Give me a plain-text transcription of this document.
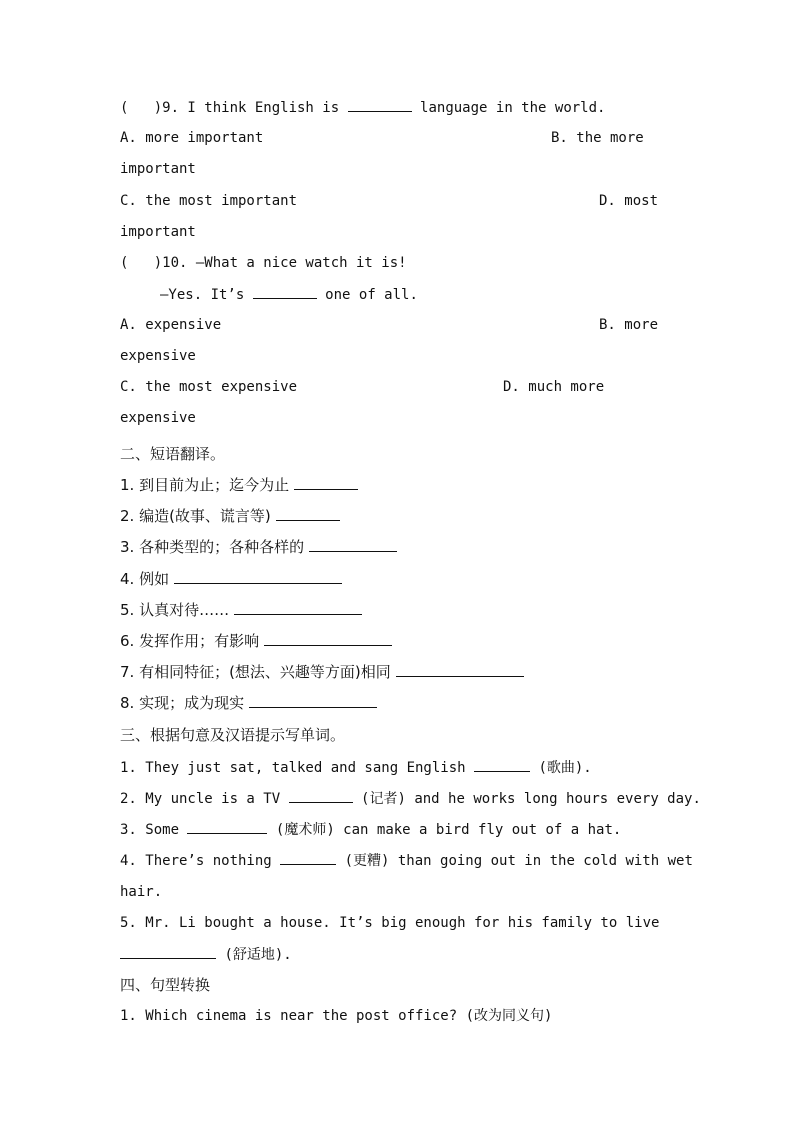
(   )9. I think English is	language in the world.
A. more important	B. the more
important
C. the most important	D. most
important
(   )10. —What a nice watch it is!
—Yes. It’s	one of all.
A. expensive	B. more
expensive
C. the most expensive	D. much more
expensive
二、短语翻译。
1. 到目前为止；迄今为止
2. 编造(故事、谎言等)
3. 各种类型的；各种各样的
4. 例如
5. 认真对待……
6. 发挥作用；有影响
7. 有相同特征；(想法、兴趣等方面)相同
8. 实现；成为现实
三、根据句意及汉语提示写单词。
1. They just sat, talked and sang English	(歌曲).
2. My uncle is a TV	(记者) and he works long hours every day.
3. Some	(魔术师) can make a bird fly out of a hat.
4. There’s nothing	(更糟) than going out in the cold with wet
hair.
5. Mr. Li bought a house. It’s big enough for his family to live
(舒适地).
四、句型转换
1. Which cinema is near the post office? (改为同义句)
